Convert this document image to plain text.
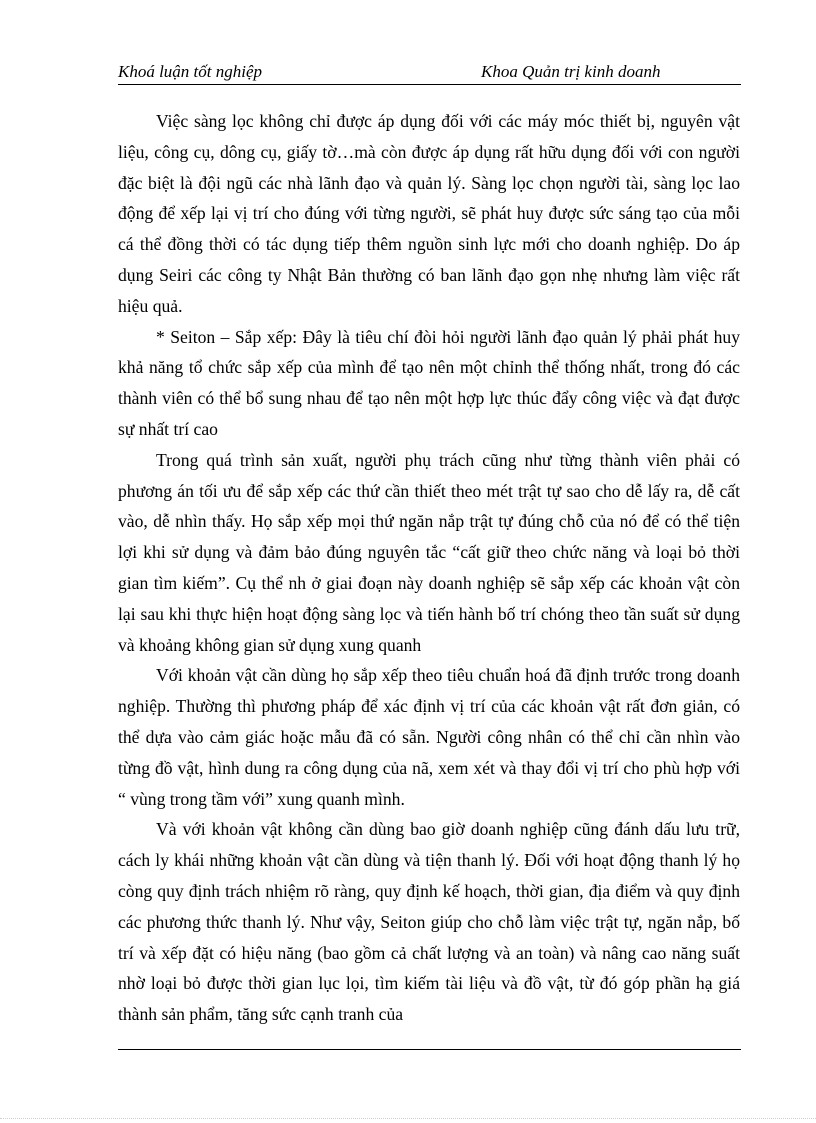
Khoá luận tốt nghiệp	Khoa Quản trị kinh doanh

Việc sàng lọc không chỉ được áp dụng đối với các máy móc thiết bị, nguyên vật liệu, công cụ, dông cụ, giấy tờ…mà còn được áp dụng rất hữu dụng đối với con người đặc biệt là đội ngũ các nhà lãnh đạo và quản lý. Sàng lọc chọn người tài, sàng lọc lao động để xếp lại vị trí cho đúng với từng người, sẽ phát huy được sức sáng tạo của mỗi cá thể đồng thời có tác dụng tiếp thêm nguồn sinh lực mới cho doanh nghiệp. Do áp dụng Seiri các công ty Nhật Bản thường có ban lãnh đạo gọn nhẹ nhưng làm việc rất hiệu quả.

* Seiton – Sắp xếp: Đây là tiêu chí đòi hỏi người lãnh đạo quản lý phải phát huy khả năng tổ chức sắp xếp của mình để tạo nên một chỉnh thể thống nhất, trong đó các thành viên có thể bổ sung nhau để tạo nên một hợp lực thúc đẩy công việc và đạt được sự nhất trí cao

Trong quá trình sản xuất, người phụ trách cũng như từng thành viên phải có phương án tối ưu để sắp xếp các thứ cần thiết theo mét trật tự sao cho dễ lấy ra, dễ cất vào, dễ nhìn thấy. Họ sắp xếp mọi thứ ngăn nắp trật tự đúng chỗ của nó để có thể tiện lợi khi sử dụng và đảm bảo đúng nguyên tắc “cất giữ theo chức năng và loại bỏ thời gian tìm kiếm”. Cụ thể nh ở giai đoạn này doanh nghiệp sẽ sắp xếp các khoản vật còn lại sau khi thực hiện hoạt động sàng lọc và tiến hành bố trí chóng theo tần suất sử dụng và khoảng không gian sử dụng xung quanh

Với khoản vật cần dùng họ sắp xếp theo tiêu chuẩn hoá đã định trước trong doanh nghiệp. Thường thì phương pháp để xác định vị trí của các khoản vật rất đơn giản, có thể dựa vào cảm giác hoặc mẫu đã có sẵn. Người công nhân có thể chỉ cần nhìn vào từng đồ vật, hình dung ra công dụng của nã, xem xét và thay đổi vị trí cho phù hợp với “ vùng trong tầm với” xung quanh mình.

Và với khoản vật không cần dùng bao giờ doanh nghiệp cũng đánh dấu lưu trữ, cách ly khái những khoản vật cần dùng và tiện thanh lý. Đối với hoạt động thanh lý họ còng quy định trách nhiệm rõ ràng, quy định kế hoạch, thời gian, địa điểm và quy định các phương thức thanh lý. Như vậy, Seiton giúp cho chỗ làm việc trật tự, ngăn nắp, bố trí và xếp đặt có hiệu năng (bao gồm cả chất lượng và an toàn) và nâng cao năng suất nhờ loại bỏ được thời gian lục lọi, tìm kiếm tài liệu và đồ vật, từ đó góp phần hạ giá thành sản phẩm, tăng sức cạnh tranh của
